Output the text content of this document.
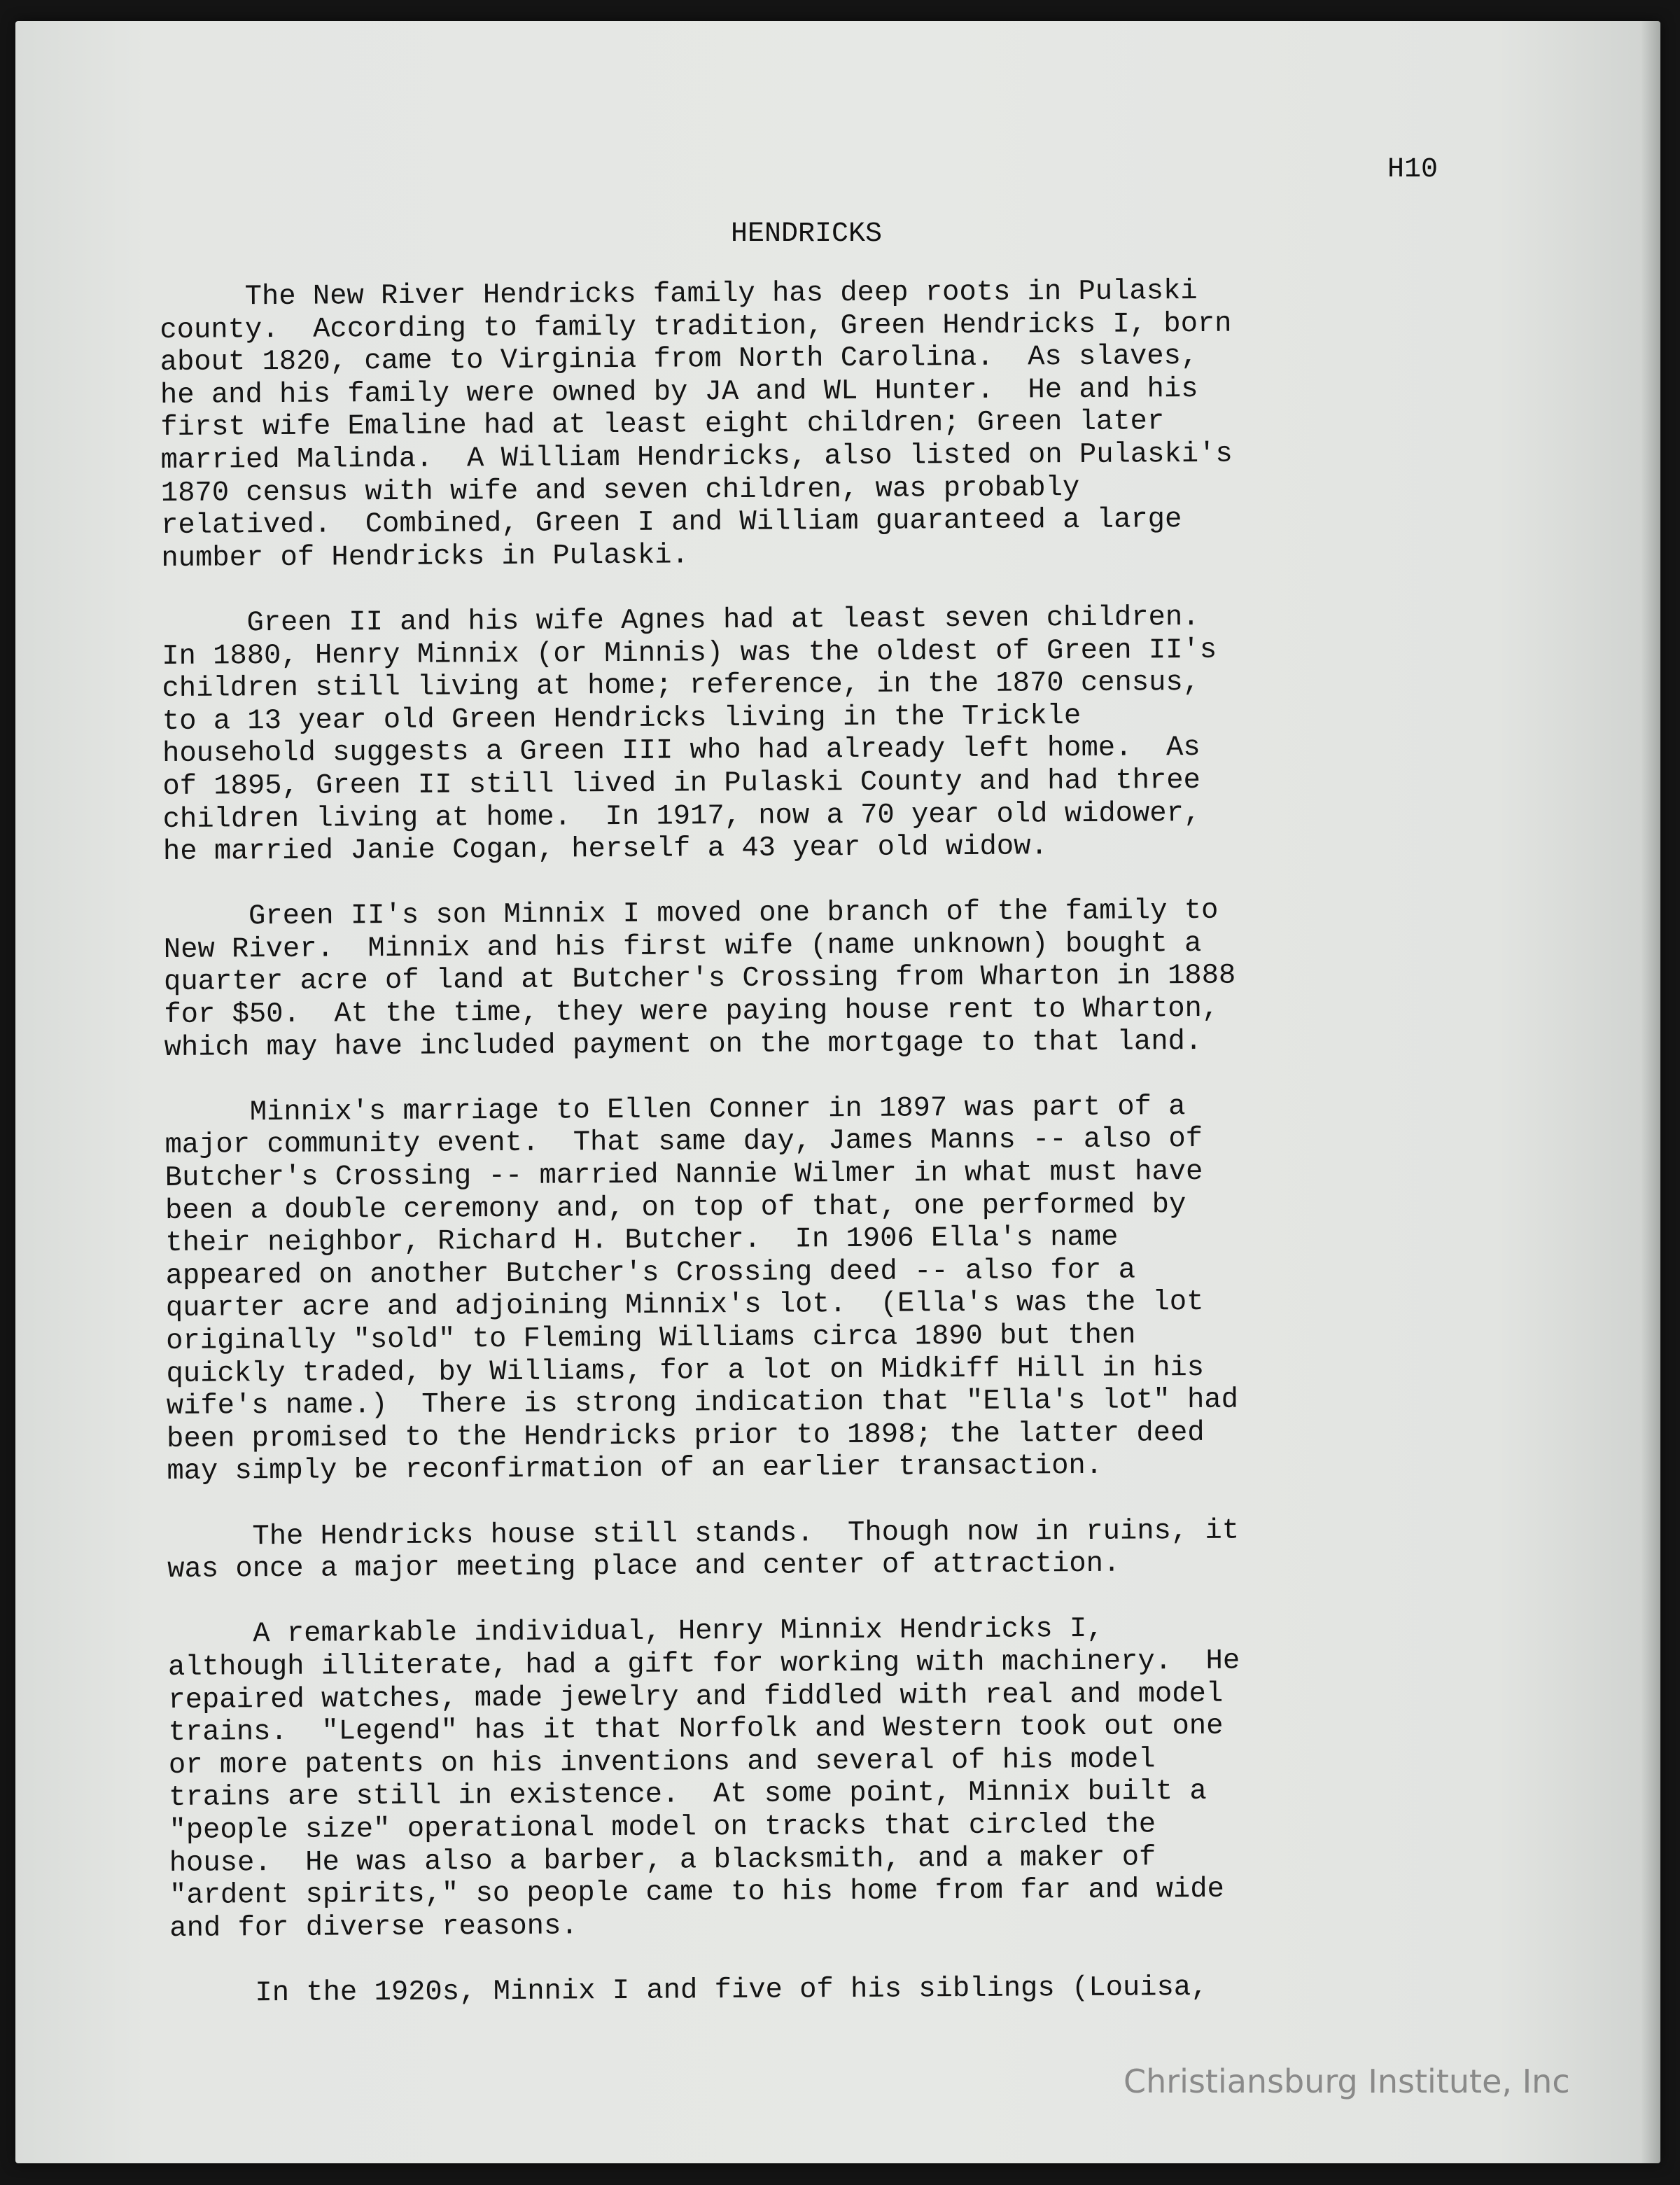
H10

HENDRICKS

The New River Hendricks family has deep roots in Pulaski
county.  According to family tradition, Green Hendricks I, born
about 1820, came to Virginia from North Carolina.  As slaves,
he and his family were owned by JA and WL Hunter.  He and his
first wife Emaline had at least eight children; Green later
married Malinda.  A William Hendricks, also listed on Pulaski's
1870 census with wife and seven children, was probably
relatived.  Combined, Green I and William guaranteed a large
number of Hendricks in Pulaski.

Green II and his wife Agnes had at least seven children.
In 1880, Henry Minnix (or Minnis) was the oldest of Green II's
children still living at home; reference, in the 1870 census,
to a 13 year old Green Hendricks living in the Trickle
household suggests a Green III who had already left home.  As
of 1895, Green II still lived in Pulaski County and had three
children living at home.  In 1917, now a 70 year old widower,
he married Janie Cogan, herself a 43 year old widow.

Green II's son Minnix I moved one branch of the family to
New River.  Minnix and his first wife (name unknown) bought a
quarter acre of land at Butcher's Crossing from Wharton in 1888
for $50.  At the time, they were paying house rent to Wharton,
which may have included payment on the mortgage to that land.

Minnix's marriage to Ellen Conner in 1897 was part of a
major community event.  That same day, James Manns -- also of
Butcher's Crossing -- married Nannie Wilmer in what must have
been a double ceremony and, on top of that, one performed by
their neighbor, Richard H. Butcher.  In 1906 Ella's name
appeared on another Butcher's Crossing deed -- also for a
quarter acre and adjoining Minnix's lot.  (Ella's was the lot
originally "sold" to Fleming Williams circa 1890 but then
quickly traded, by Williams, for a lot on Midkiff Hill in his
wife's name.)  There is strong indication that "Ella's lot" had
been promised to the Hendricks prior to 1898; the latter deed
may simply be reconfirmation of an earlier transaction.

The Hendricks house still stands.  Though now in ruins, it
was once a major meeting place and center of attraction.

A remarkable individual, Henry Minnix Hendricks I,
although illiterate, had a gift for working with machinery.  He
repaired watches, made jewelry and fiddled with real and model
trains.  "Legend" has it that Norfolk and Western took out one
or more patents on his inventions and several of his model
trains are still in existence.  At some point, Minnix built a
"people size" operational model on tracks that circled the
house.  He was also a barber, a blacksmith, and a maker of
"ardent spirits," so people came to his home from far and wide
and for diverse reasons.

In the 1920s, Minnix I and five of his siblings (Louisa,

Christiansburg Institute, Inc
